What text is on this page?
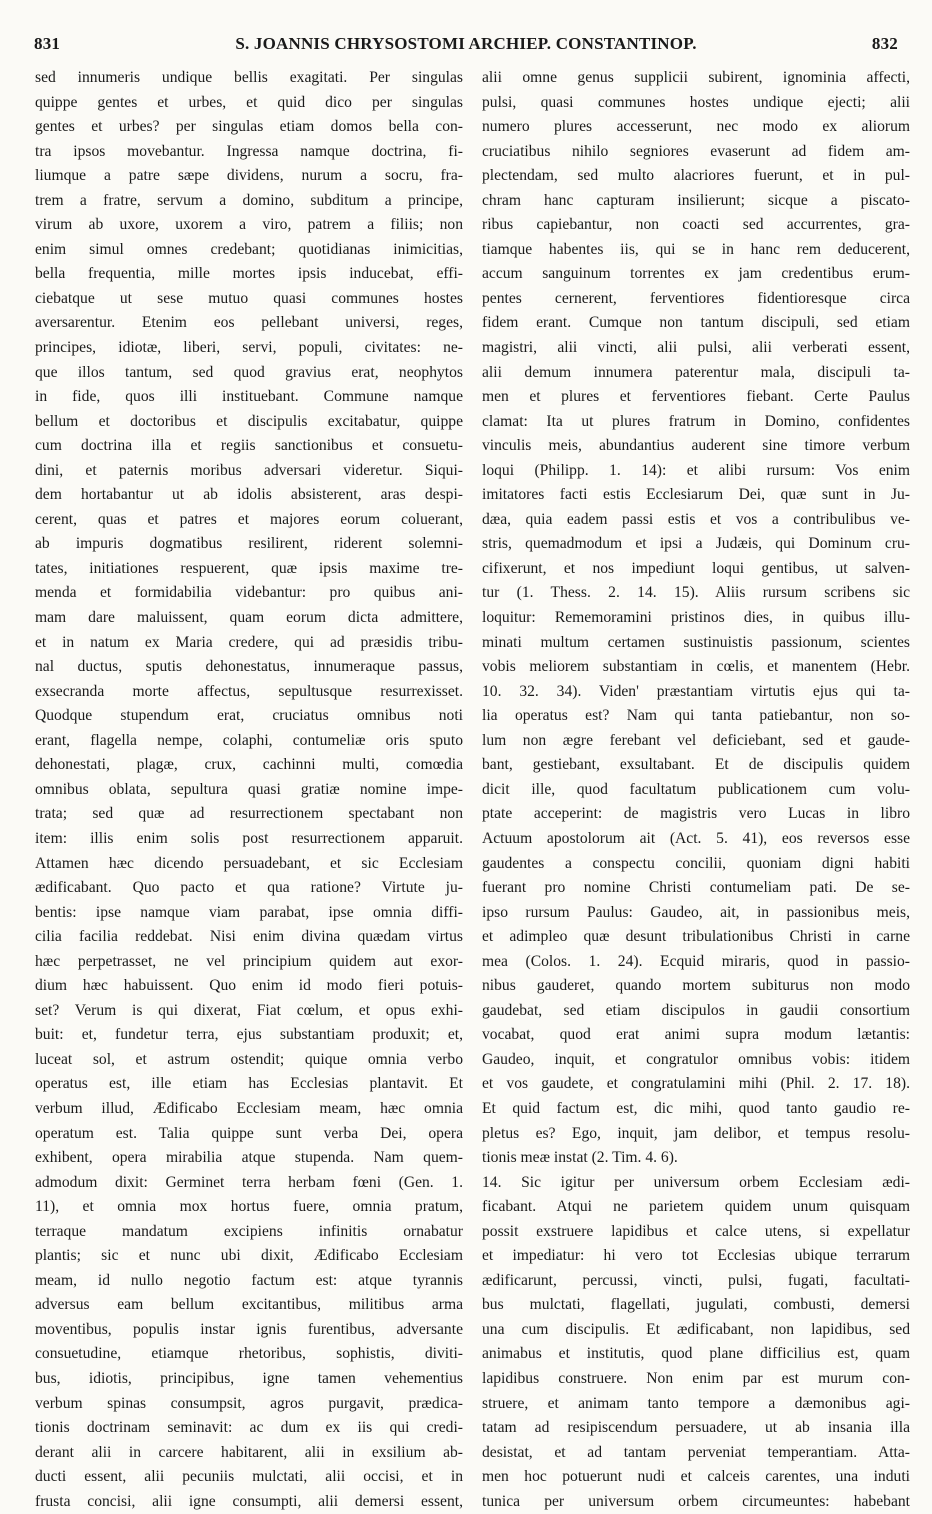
831	S. JOANNIS CHRYSOSTOMI ARCHIEP. CONSTANTINOP.	832
sed innumeris undique bellis exagitati. Per singulas
quippe gentes et urbes, et quid dico per singulas
gentes et urbes? per singulas etiam domos bella con-
tra ipsos movebantur. Ingressa namque doctrina, fi-
liumque a patre sæpe dividens, nurum a socru, fra-
trem a fratre, servum a domino, subditum a principe,
virum ab uxore, uxorem a viro, patrem a filiis; non
enim simul omnes credebant; quotidianas inimicitias,
bella frequentia, mille mortes ipsis inducebat, effi-
ciebatque ut sese mutuo quasi communes hostes
aversarentur. Etenim eos pellebant universi, reges,
principes, idiotæ, liberi, servi, populi, civitates: ne-
que illos tantum, sed quod gravius erat, neophytos
in fide, quos illi instituebant. Commune namque
bellum et doctoribus et discipulis excitabatur, quippe
cum doctrina illa et regiis sanctionibus et consuetu-
dini, et paternis moribus adversari videretur. Siqui-
dem hortabantur ut ab idolis absisterent, aras despi-
cerent, quas et patres et majores eorum coluerant,
ab impuris dogmatibus resilirent, riderent solemni-
tates, initiationes respuerent, quæ ipsis maxime tre-
menda et formidabilia videbantur: pro quibus ani-
mam dare maluissent, quam eorum dicta admittere,
et in natum ex Maria credere, qui ad præsidis tribu-
nal ductus, sputis dehonestatus, innumeraque passus,
exsecranda morte affectus, sepultusque resurrexisset.
Quodque stupendum erat, cruciatus omnibus noti
erant, flagella nempe, colaphi, contumeliæ oris sputo
dehonestati, plagæ, crux, cachinni multi, comœdia
omnibus oblata, sepultura quasi gratiæ nomine impe-
trata; sed quæ ad resurrectionem spectabant non
item: illis enim solis post resurrectionem apparuit.
Attamen hæc dicendo persuadebant, et sic Ecclesiam
ædificabant. Quo pacto et qua ratione? Virtute ju-
bentis: ipse namque viam parabat, ipse omnia diffi-
cilia facilia reddebat. Nisi enim divina quædam virtus
hæc perpetrasset, ne vel principium quidem aut exor-
dium hæc habuissent. Quo enim id modo fieri potuis-
set? Verum is qui dixerat, Fiat cœlum, et opus exhi-
buit: et, fundetur terra, ejus substantiam produxit; et,
luceat sol, et astrum ostendit; quique omnia verbo
operatus est, ille etiam has Ecclesias plantavit. Et
verbum illud, Ædificabo Ecclesiam meam, hæc omnia
operatum est. Talia quippe sunt verba Dei, opera
exhibent, opera mirabilia atque stupenda. Nam quem-
admodum dixit: Germinet terra herbam fœni (Gen. 1.
11), et omnia mox hortus fuere, omnia pratum,
terraque mandatum excipiens infinitis ornabatur
plantis; sic et nunc ubi dixit, Ædificabo Ecclesiam
meam, id nullo negotio factum est: atque tyrannis
adversus eam bellum excitantibus, militibus arma
moventibus, populis instar ignis furentibus, adversante
consuetudine, etiamque rhetoribus, sophistis, diviti-
bus, idiotis, principibus, igne tamen vehementius
verbum spinas consumpsit, agros purgavit, prædica-
tionis doctrinam seminavit: ac dum ex iis qui credi-
derant alii in carcere habitarent, alii in exsilium ab-
ducti essent, alii pecuniis mulctati, alii occisi, et in
frusta concisi, alii igne consumpti, alii demersi essent,
alii omne genus supplicii subirent, ignominia affecti,
pulsi, quasi communes hostes undique ejecti; alii
numero plures accesserunt, nec modo ex aliorum
cruciatibus nihilo segniores evaserunt ad fidem am-
plectendam, sed multo alacriores fuerunt, et in pul-
chram hanc capturam insilierunt; sicque a piscato-
ribus capiebantur, non coacti sed accurrentes, gra-
tiamque habentes iis, qui se in hanc rem deducerent,
accum sanguinum torrentes ex jam credentibus erum-
pentes cernerent, ferventiores fidentioresque circa
fidem erant. Cumque non tantum discipuli, sed etiam
magistri, alii vincti, alii pulsi, alii verberati essent,
alii demum innumera paterentur mala, discipuli ta-
men et plures et ferventiores fiebant. Certe Paulus
clamat: Ita ut plures fratrum in Domino, confidentes
vinculis meis, abundantius auderent sine timore verbum
loqui (Philipp. 1. 14): et alibi rursum: Vos enim
imitatores facti estis Ecclesiarum Dei, quæ sunt in Ju-
dæa, quia eadem passi estis et vos a contribulibus ve-
stris, quemadmodum et ipsi a Judæis, qui Dominum cru-
cifixerunt, et nos impediunt loqui gentibus, ut salven-
tur (1. Thess. 2. 14. 15). Aliis rursum scribens sic
loquitur: Rememoramini pristinos dies, in quibus illu-
minati multum certamen sustinuistis passionum, scientes
vobis meliorem substantiam in cœlis, et manentem (Hebr.
10. 32. 34). Viden' præstantiam virtutis ejus qui ta-
lia operatus est? Nam qui tanta patiebantur, non so-
lum non ægre ferebant vel deficiebant, sed et gaude-
bant, gestiebant, exsultabant. Et de discipulis quidem
dicit ille, quod facultatum publicationem cum volu-
ptate acceperint: de magistris vero Lucas in libro
Actuum apostolorum ait (Act. 5. 41), eos reversos esse
gaudentes a conspectu concilii, quoniam digni habiti
fuerant pro nomine Christi contumeliam pati. De se-
ipso rursum Paulus: Gaudeo, ait, in passionibus meis,
et adimpleo quæ desunt tribulationibus Christi in carne
mea (Colos. 1. 24). Ecquid miraris, quod in passio-
nibus gauderet, quando mortem subiturus non modo
gaudebat, sed etiam discipulos in gaudii consortium
vocabat, quod erat animi supra modum lætantis:
Gaudeo, inquit, et congratulor omnibus vobis: itidem
et vos gaudete, et congratulamini mihi (Phil. 2. 17. 18).
Et quid factum est, dic mihi, quod tanto gaudio re-
pletus es? Ego, inquit, jam delibor, et tempus resolu-
tionis meæ instat (2. Tim. 4. 6).
14. Sic igitur per universum orbem Ecclesiam ædi-
ficabant. Atqui ne parietem quidem unum quisquam
possit exstruere lapidibus et calce utens, si expellatur
et impediatur: hi vero tot Ecclesias ubique terrarum
ædificarunt, percussi, vincti, pulsi, fugati, facultati-
bus mulctati, flagellati, jugulati, combusti, demersi
una cum discipulis. Et ædificabant, non lapidibus, sed
animabus et institutis, quod plane difficilius est, quam
lapidibus construere. Non enim par est murum con-
struere, et animam tanto tempore a dæmonibus agi-
tatam ad resipiscendum persuadere, ut ab insania illa
desistat, et ad tantam perveniat temperantiam. Atta-
men hoc potuerunt nudi et calceis carentes, una induti
tunica per universum orbem circumeuntes: habebant
